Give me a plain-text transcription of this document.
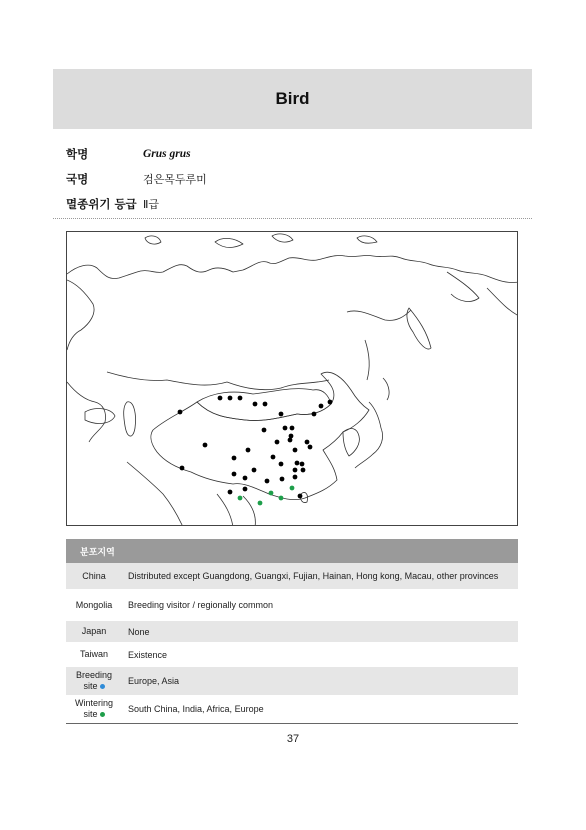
Bird
학명	Grus grus
국명	검은목두루미
멸종위기 등급 Ⅱ급
분포지역
China	Distributed except Guangdong, Guangxi, Fujian, Hainan, Hong kong, Macau, other provinces
Mongolia	Breeding visitor / regionally common
Japan	None
Taiwan	Existence
Breeding
site	Europe, Asia
Wintering
site	South China, India, Africa, Europe
37
